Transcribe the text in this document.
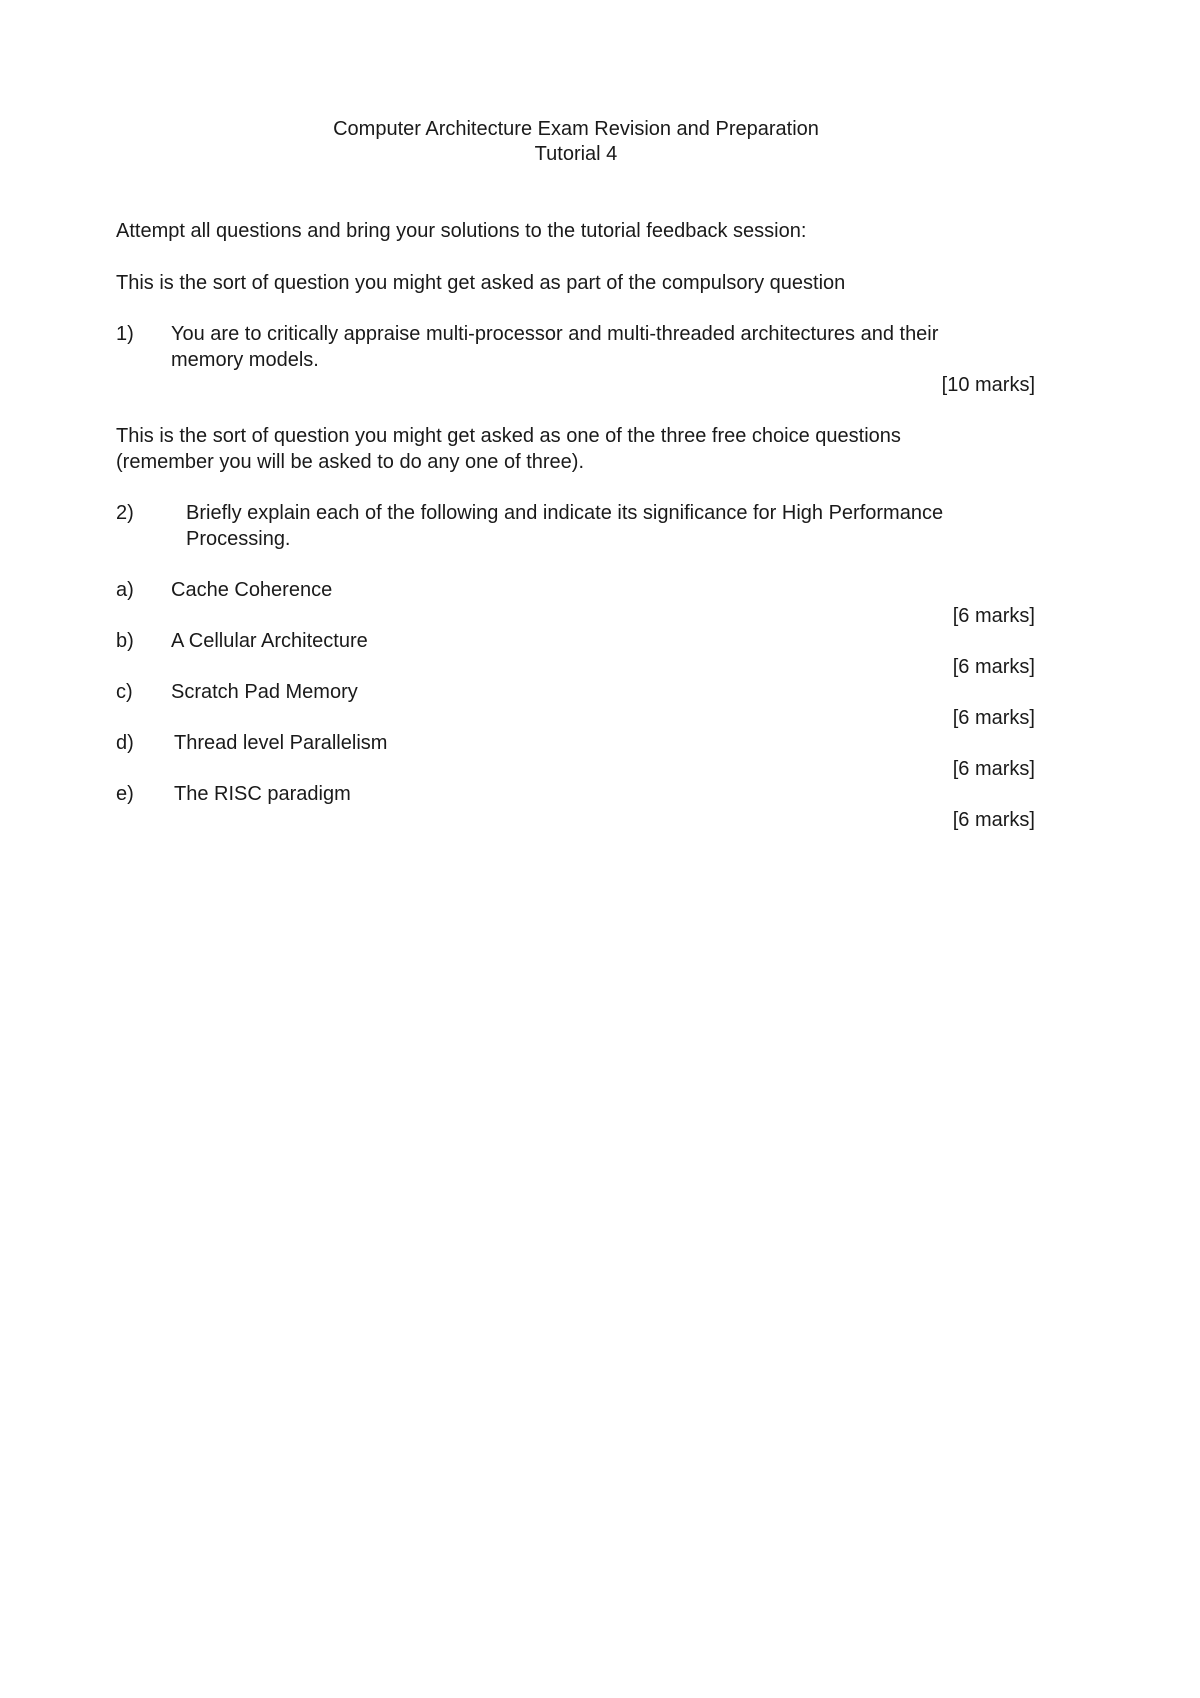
Computer Architecture Exam Revision and Preparation
Tutorial 4
Attempt all questions and bring your solutions to the tutorial feedback session:
This is the sort of question you might get asked as part of the compulsory question
1) You are to critically appraise multi-processor and multi-threaded architectures and their
memory models.
[10 marks]
This is the sort of question you might get asked as one of the three free choice questions
(remember you will be asked to do any one of three).
2)	Briefly explain each of the following and indicate its significance for High Performance
Processing.
a) Cache Coherence
[6 marks]
b) A Cellular Architecture
[6 marks]
c) Scratch Pad Memory
[6 marks]
d) Thread level Parallelism
[6 marks]
e) The RISC paradigm
[6 marks]
